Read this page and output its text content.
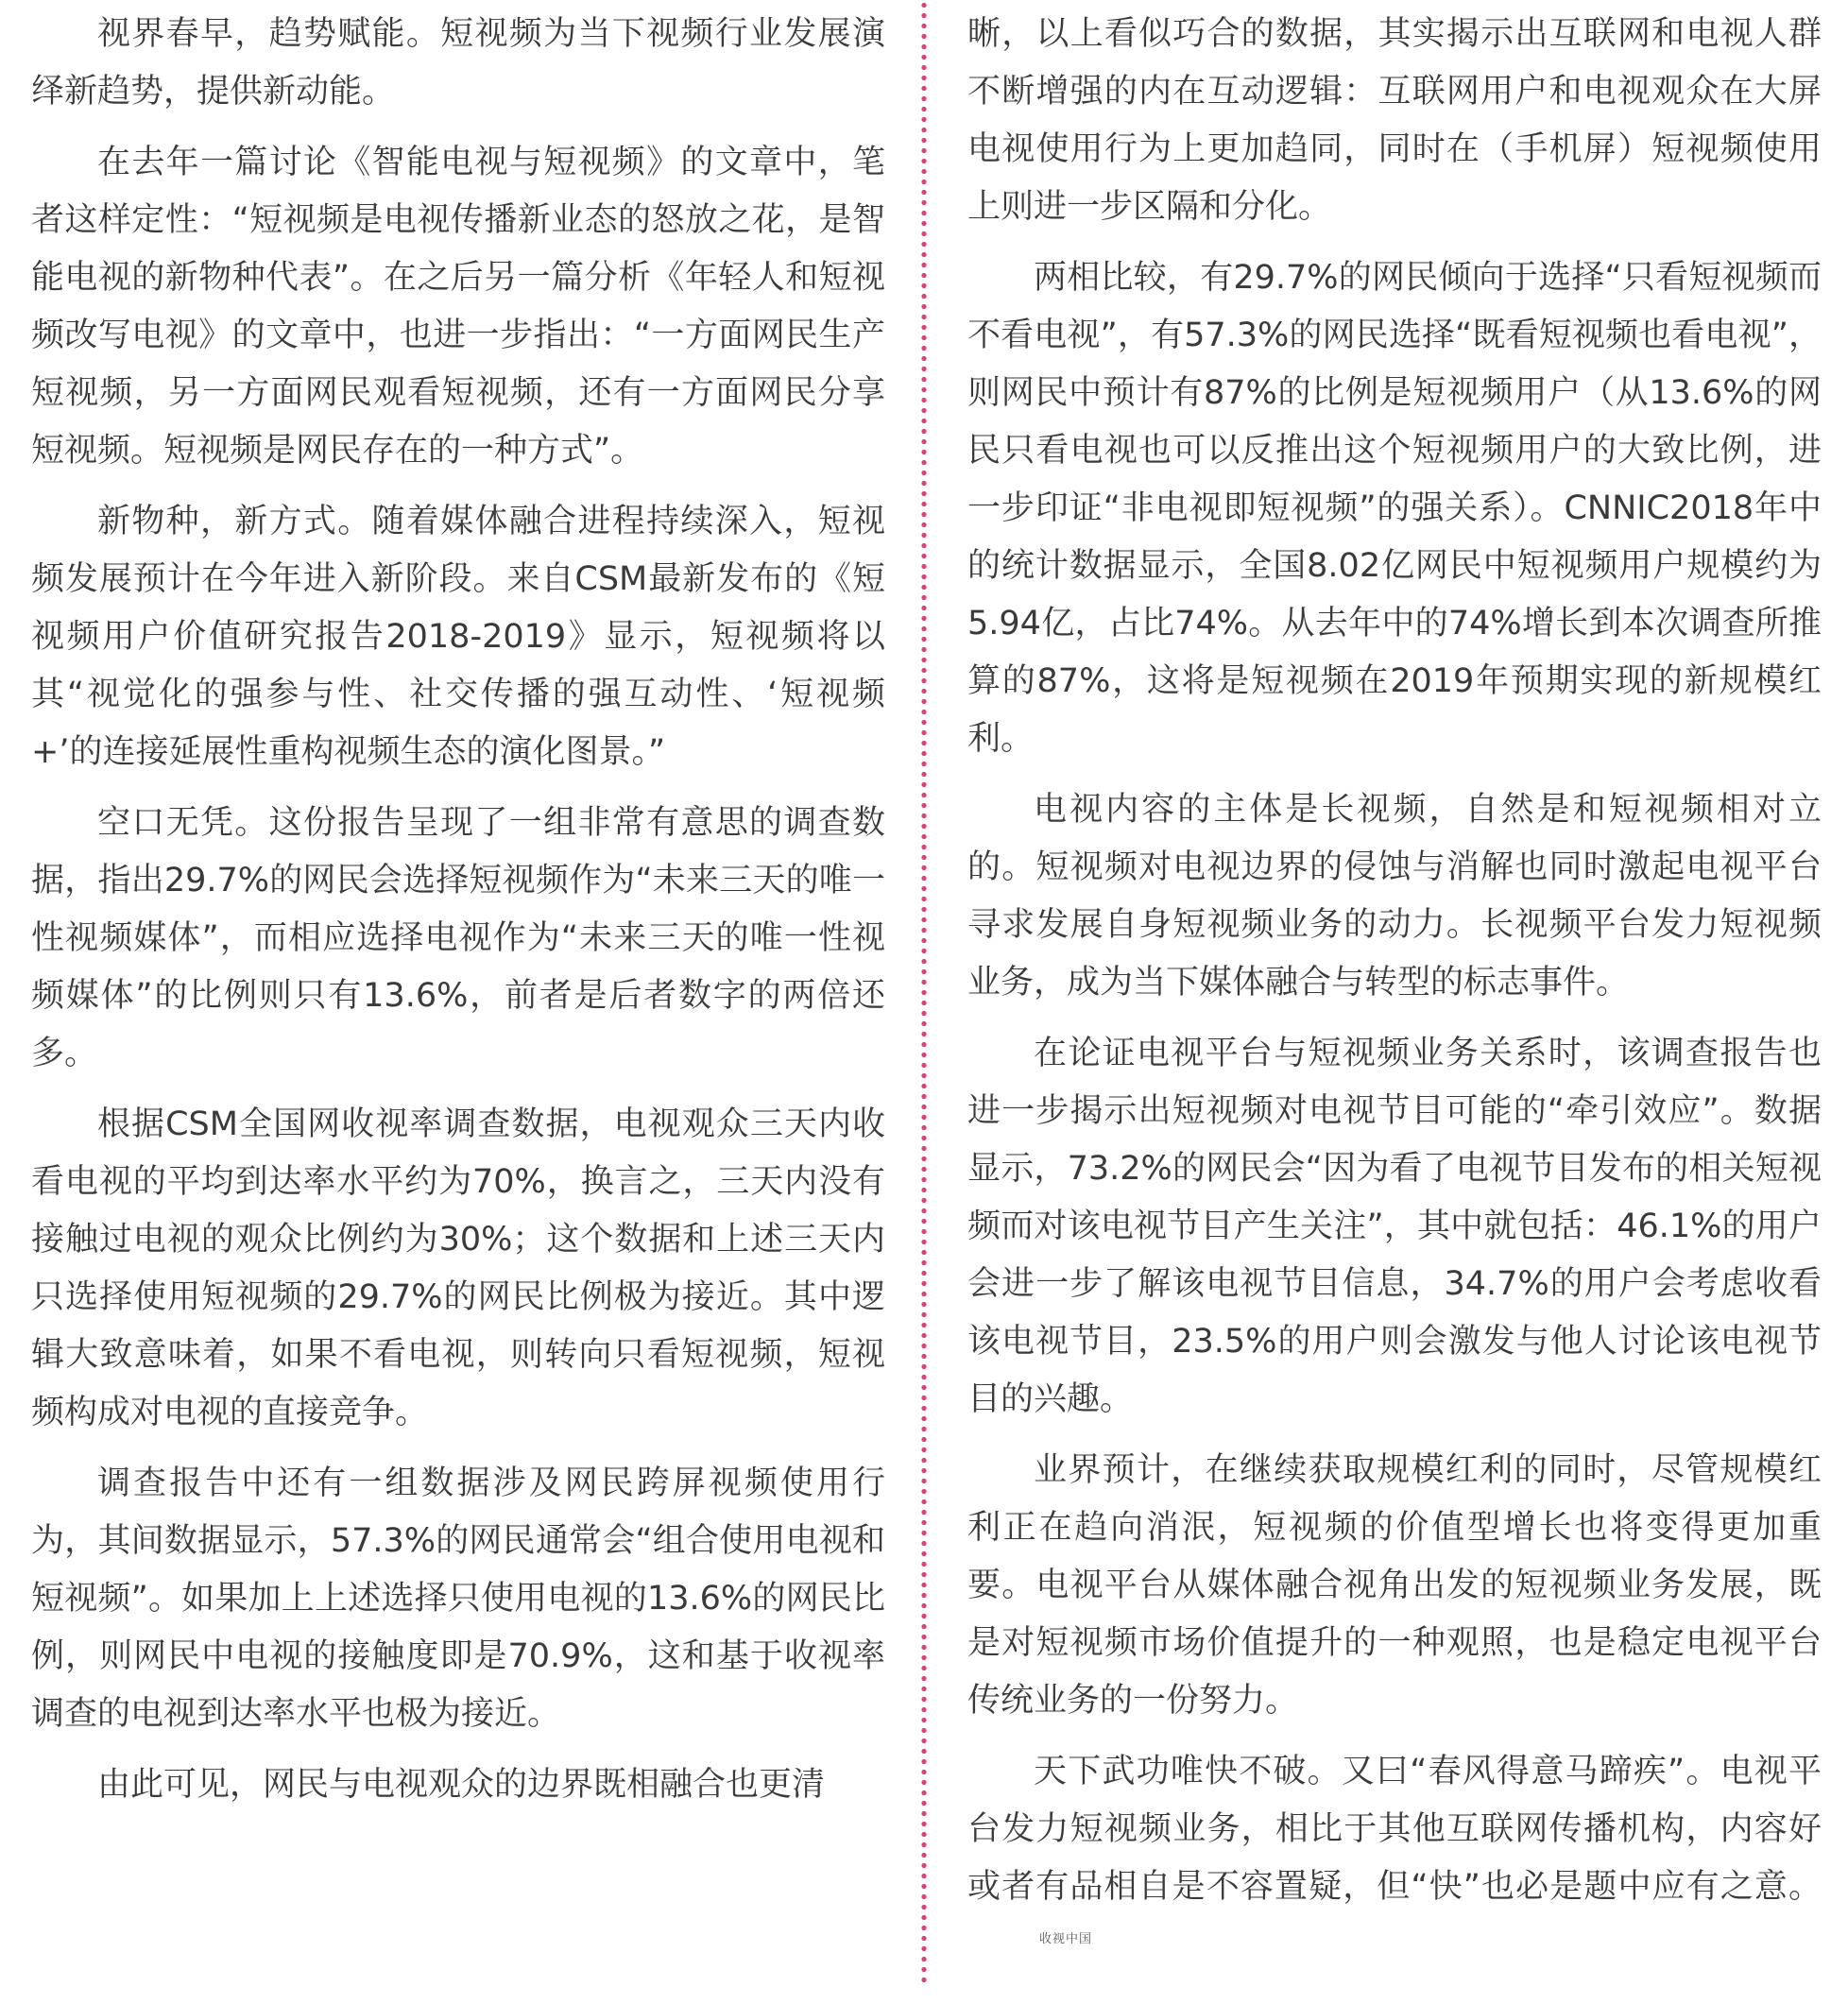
视界春早，趋势赋能。短视频为当下视频行业发展演绎新趋势，提供新动能。

在去年一篇讨论《智能电视与短视频》的文章中，笔者这样定性：“短视频是电视传播新业态的怒放之花，是智能电视的新物种代表”。在之后另一篇分析《年轻人和短视频改写电视》的文章中，也进一步指出：“一方面网民生产短视频，另一方面网民观看短视频，还有一方面网民分享短视频。短视频是网民存在的一种方式”。

新物种，新方式。随着媒体融合进程持续深入，短视频发展预计在今年进入新阶段。来自CSM最新发布的《短视频用户价值研究报告2018-2019》显示，短视频将以其“视觉化的强参与性、社交传播的强互动性、‘短视频+’的连接延展性重构视频生态的演化图景。”

空口无凭。这份报告呈现了一组非常有意思的调查数据，指出29.7%的网民会选择短视频作为“未来三天的唯一性视频媒体”，而相应选择电视作为“未来三天的唯一性视频媒体”的比例则只有13.6%，前者是后者数字的两倍还多。

根据CSM全国网收视率调查数据，电视观众三天内收看电视的平均到达率水平约为70%，换言之，三天内没有接触过电视的观众比例约为30%；这个数据和上述三天内只选择使用短视频的29.7%的网民比例极为接近。其中逻辑大致意味着，如果不看电视，则转向只看短视频，短视频构成对电视的直接竞争。

调查报告中还有一组数据涉及网民跨屏视频使用行为，其间数据显示，57.3%的网民通常会“组合使用电视和短视频”。如果加上上述选择只使用电视的13.6%的网民比例，则网民中电视的接触度即是70.9%，这和基于收视率调查的电视到达率水平也极为接近。

由此可见，网民与电视观众的边界既相融合也更清

晰，以上看似巧合的数据，其实揭示出互联网和电视人群不断增强的内在互动逻辑：互联网用户和电视观众在大屏电视使用行为上更加趋同，同时在（手机屏）短视频使用上则进一步区隔和分化。

两相比较，有29.7%的网民倾向于选择“只看短视频而不看电视”，有57.3%的网民选择“既看短视频也看电视”，则网民中预计有87%的比例是短视频用户（从13.6%的网民只看电视也可以反推出这个短视频用户的大致比例，进一步印证“非电视即短视频”的强关系）。CNNIC2018年中的统计数据显示，全国8.02亿网民中短视频用户规模约为5.94亿，占比74%。从去年中的74%增长到本次调查所推算的87%，这将是短视频在2019年预期实现的新规模红利。

电视内容的主体是长视频，自然是和短视频相对立的。短视频对电视边界的侵蚀与消解也同时激起电视平台寻求发展自身短视频业务的动力。长视频平台发力短视频业务，成为当下媒体融合与转型的标志事件。

在论证电视平台与短视频业务关系时，该调查报告也进一步揭示出短视频对电视节目可能的“牵引效应”。数据显示，73.2%的网民会“因为看了电视节目发布的相关短视频而对该电视节目产生关注”，其中就包括：46.1%的用户会进一步了解该电视节目信息，34.7%的用户会考虑收看该电视节目，23.5%的用户则会激发与他人讨论该电视节目的兴趣。

业界预计，在继续获取规模红利的同时，尽管规模红利正在趋向消泯，短视频的价值型增长也将变得更加重要。电视平台从媒体融合视角出发的短视频业务发展，既是对短视频市场价值提升的一种观照，也是稳定电视平台传统业务的一份努力。

天下武功唯快不破。又曰“春风得意马蹄疾”。电视平台发力短视频业务，相比于其他互联网传播机构，内容好或者有品相自是不容置疑，但“快”也必是题中应有之意。收视中国
